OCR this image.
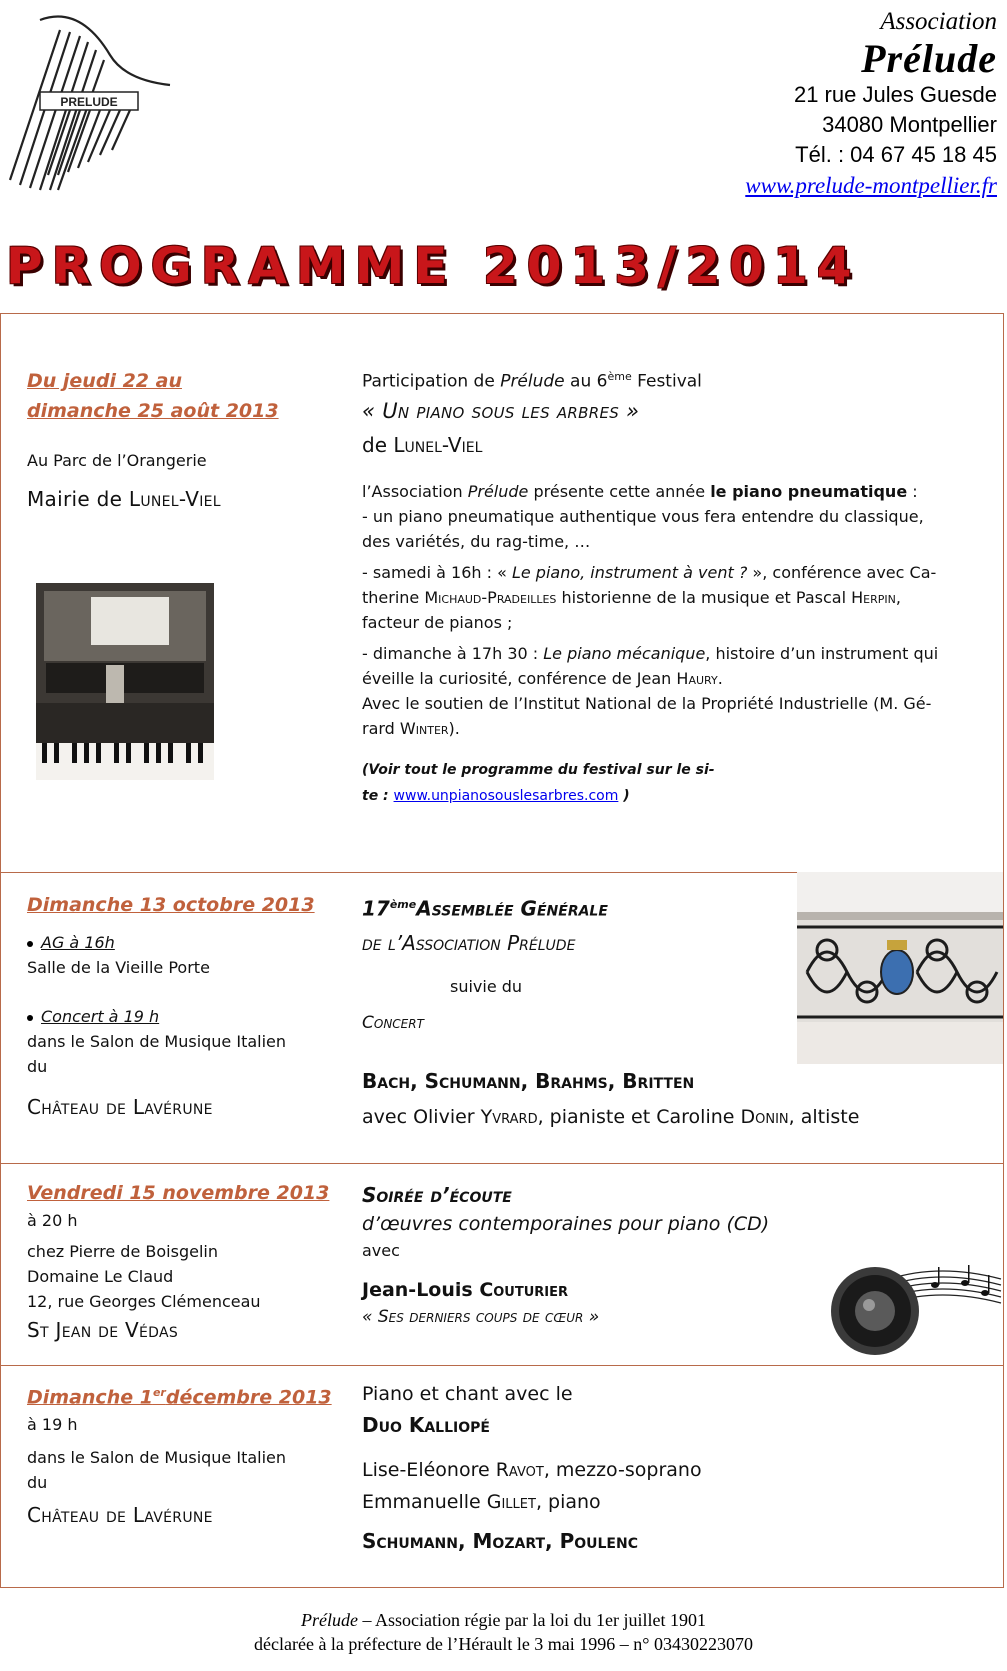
PRELUDE
Association
Prélude
21 rue Jules Guesde
34080 Montpellier
Tél. : 04 67 45 18 45
www.prelude-montpellier.fr
PROGRAMME 2013/2014
Du jeudi 22 au
dimanche 25 août 2013
Au Parc de l’Orangerie
Mairie de Lunel-Viel
Participation de Prélude au 6ème Festival
« Un piano sous les arbres »
de Lunel-Viel
l’Association Prélude présente cette année le piano pneumatique :
- un piano pneumatique authentique vous fera entendre du classique,
des variétés, du rag-time, …
- samedi à 16h : « Le piano, instrument à vent ? », conférence avec Ca-
therine Michaud-Pradeilles historienne de la musique et Pascal Herpin,
facteur de pianos ;
- dimanche à 17h 30 : Le piano mécanique, histoire d’un instrument qui
éveille la curiosité, conférence de Jean Haury.
Avec le soutien de l’Institut National de la Propriété Industrielle (M. Gé-
rard Winter).
(Voir tout le programme du festival sur le si-
te : www.unpianosouslesarbres.com )
Dimanche 13 octobre 2013
AG à 16h
Salle de la Vieille Porte
Concert à 19 h
dans le Salon de Musique Italien
du
Château de Lavérune
17èmeAssemblée Générale
de l’Association Prélude
suivie du
Concert
Bach, Schumann, Brahms, Britten
avec Olivier Yvrard, pianiste et Caroline Donin, altiste
Vendredi 15 novembre 2013
à 20 h
chez Pierre de Boisgelin
Domaine Le Claud
12, rue Georges Clémenceau
St Jean de Védas
Soirée d’écoute
d’œuvres contemporaines pour piano (CD)
avec
Jean-Louis Couturier
« Ses derniers coups de cœur »
Dimanche 1erdécembre 2013
à 19 h
dans le Salon de Musique Italien
du
Château de Lavérune
Piano et chant avec le
Duo Kalliopé
Lise-Eléonore Ravot, mezzo-soprano
Emmanuelle Gillet, piano
Schumann, Mozart, Poulenc
Prélude – Association régie par la loi du 1er juillet 1901
déclarée à la préfecture de l’Hérault le 3 mai 1996 – n° 03430223070
